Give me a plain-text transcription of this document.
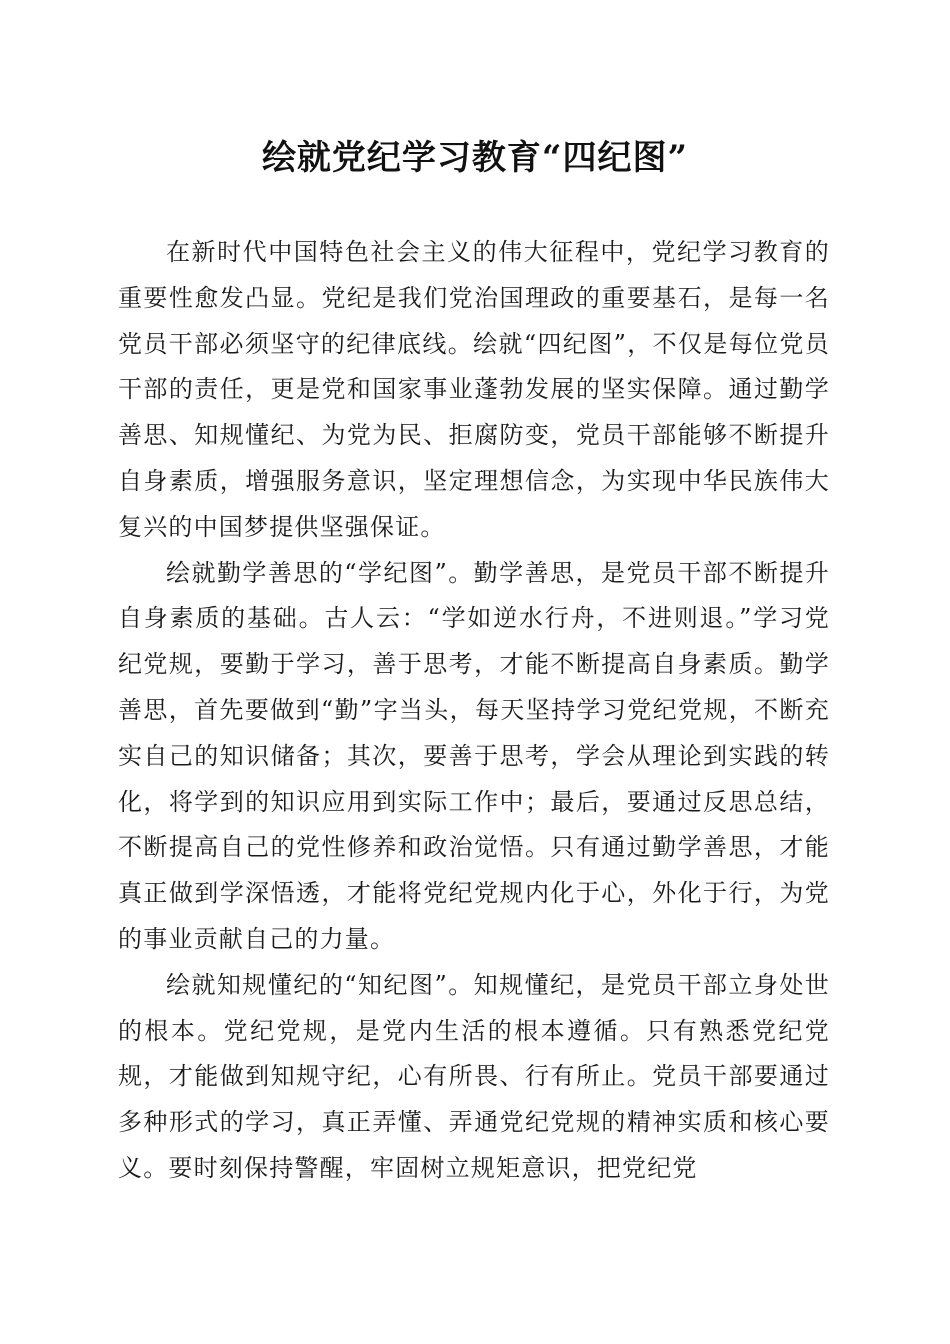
绘就党纪学习教育“四纪图”

在新时代中国特色社会主义的伟大征程中，党纪学习教育的重要性愈发凸显。党纪是我们党治国理政的重要基石，是每一名党员干部必须坚守的纪律底线。绘就“四纪图”，不仅是每位党员干部的责任，更是党和国家事业蓬勃发展的坚实保障。通过勤学善思、知规懂纪、为党为民、拒腐防变，党员干部能够不断提升自身素质，增强服务意识，坚定理想信念，为实现中华民族伟大复兴的中国梦提供坚强保证。

绘就勤学善思的“学纪图”。勤学善思，是党员干部不断提升自身素质的基础。古人云：“学如逆水行舟，不进则退。”学习党纪党规，要勤于学习，善于思考，才能不断提高自身素质。勤学善思，首先要做到“勤”字当头，每天坚持学习党纪党规，不断充实自己的知识储备；其次，要善于思考，学会从理论到实践的转化，将学到的知识应用到实际工作中；最后，要通过反思总结，不断提高自己的党性修养和政治觉悟。只有通过勤学善思，才能真正做到学深悟透，才能将党纪党规内化于心，外化于行，为党的事业贡献自己的力量。

绘就知规懂纪的“知纪图”。知规懂纪，是党员干部立身处世的根本。党纪党规，是党内生活的根本遵循。只有熟悉党纪党规，才能做到知规守纪，心有所畏、行有所止。党员干部要通过多种形式的学习，真正弄懂、弄通党纪党规的精神实质和核心要义。要时刻保持警醒，牢固树立规矩意识，把党纪党
